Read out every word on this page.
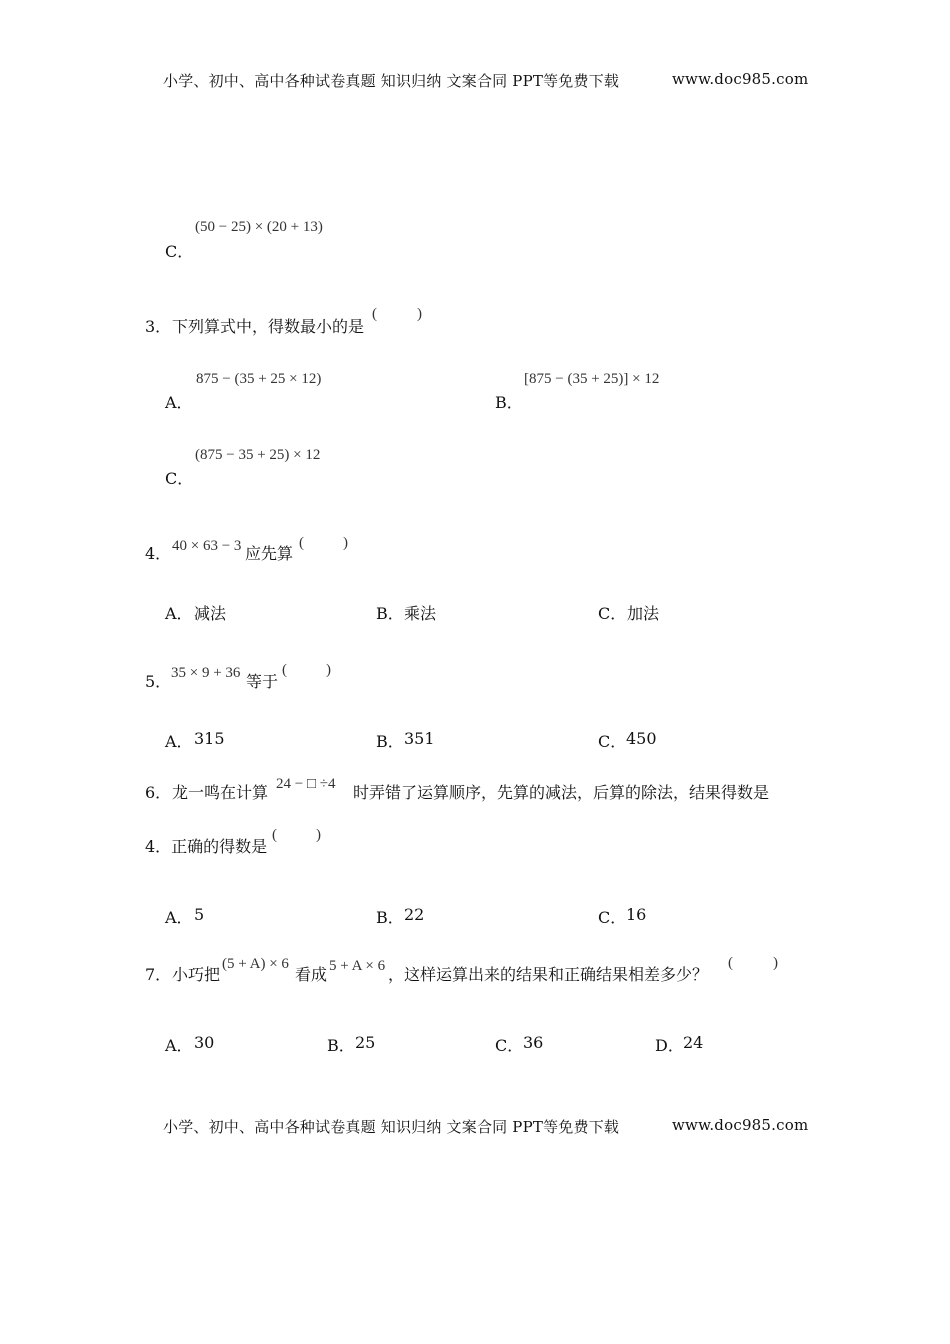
小学、初中、高中各种试卷真题 知识归纳 文案合同 PPT等免费下载	www.doc985.com
(50 − 25) × (20 + 13)
C．
3． 下列算式中，得数最小的是
(	)
875 − (35 + 25 × 12)
A．
[875 − (35 + 25)] × 12
B．
(875 − 35 + 25) × 12
C．
4． 40 × 63 − 3 应先算
(	)
A． 减法	B． 乘法	C． 加法
5． 35 × 9 + 36 等于
(	)
A． 315	B． 351	C． 450
6． 龙一鸣在计算 24 − □ ÷4 时弄错了运算顺序，先算的减法，后算的除法，结果得数是
4．正确的得数是
(	)
A． 5	B． 22	C． 16
7． 小巧把
(5 + A) × 6
看成 5 + A × 6 ，这样运算出来的结果和正确结果相差多少？
(	)
A． 30	B． 25	C． 36	D． 24
小学、初中、高中各种试卷真题 知识归纳 文案合同 PPT等免费下载	www.doc985.com
